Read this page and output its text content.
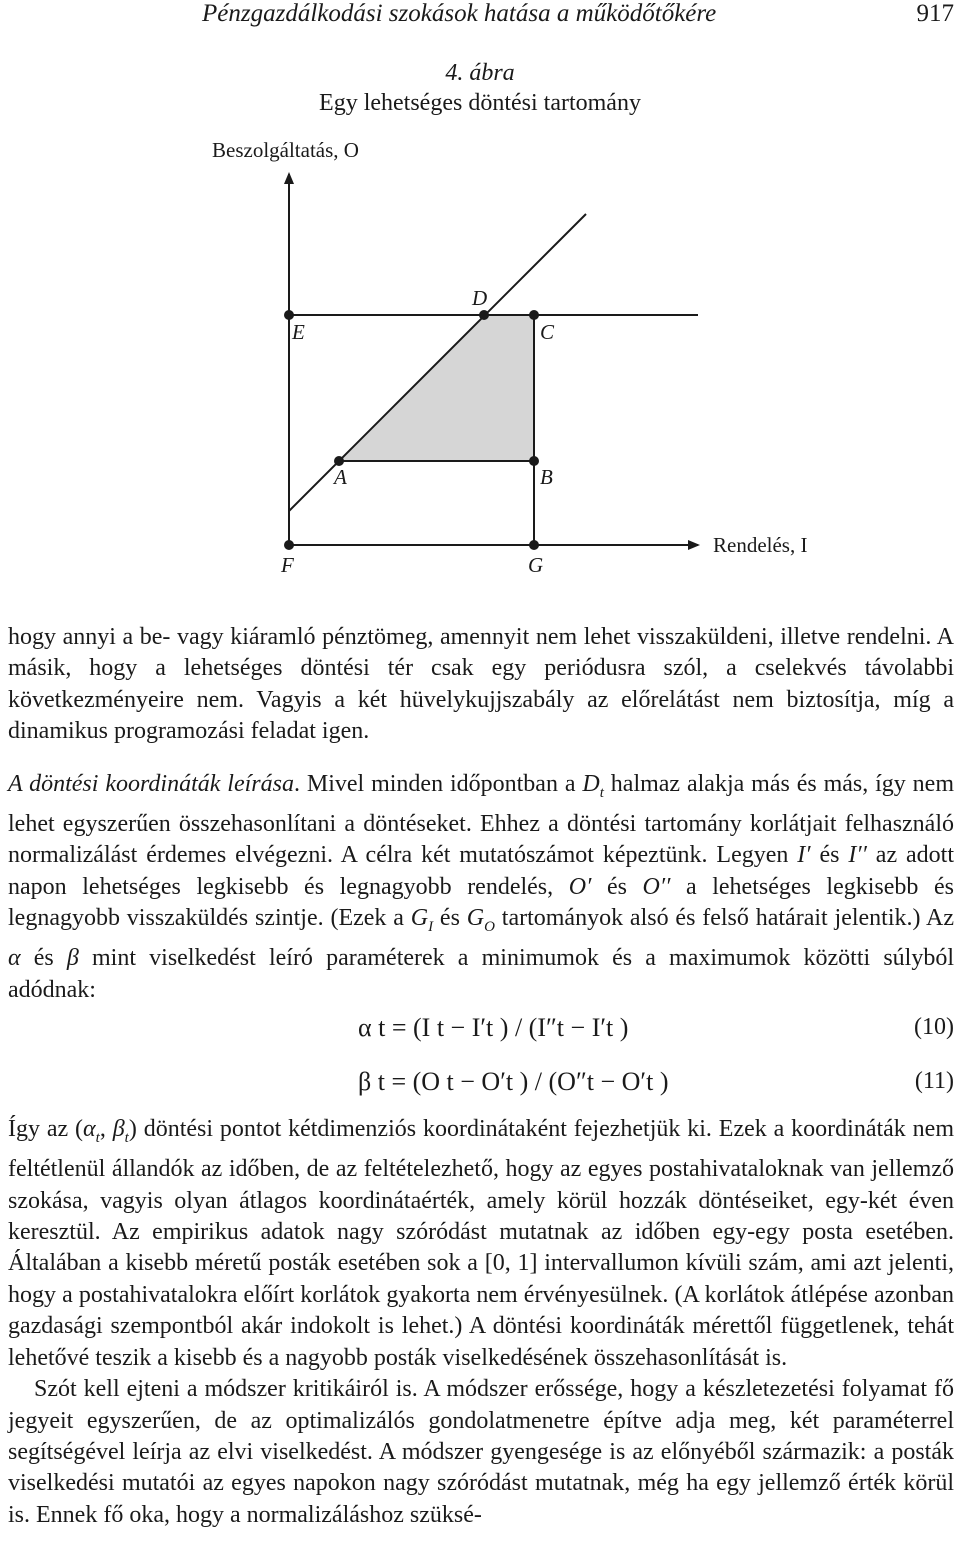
Pénzgazdálkodási szokások hatása a működőtőkére	917
4. ábra
Egy lehetséges döntési tartomány
Beszolgáltatás, O
A	B
C
D
E
F	G
Rendelés, I

hogy annyi a be- vagy kiáramló pénztömeg, amennyit nem lehet visszaküldeni, illetve rendelni. A másik, hogy a lehetséges döntési tér csak egy periódusra szól, a cselekvés távolabbi következményeire nem. Vagyis a két hüvelykujjszabály az előrelátást nem biztosítja, míg a dinamikus programozási feladat igen.

A döntési koordináták leírása. Mivel minden időpontban a $D_t$ halmaz alakja más és más, így nem lehet egyszerűen összehasonlítani a döntéseket. Ehhez a döntési tartomány korlátjait felhasználó normalizálást érdemes elvégezni. A célra két mutatószámot képeztünk. Legyen I′ és I′′ az adott napon lehetséges legkisebb és legnagyobb rendelés, O′ és O′′ a lehetséges legkisebb és legnagyobb visszaküldés szintje. (Ezek a $G_I$ és $G_O$ tartományok alsó és felső határait jelentik.) Az α és β mint viselkedést leíró paraméterek a minimumok és a maximumok közötti súlyból adódnak:

α t = (I t − I′t ) / (I″t − I′t )	(10)
β t = (O t − O′t ) / (O″t − O′t )	(11)

Így az ($\alpha_t$, $\beta_t$) döntési pontot kétdimenziós koordinátaként fejezhetjük ki. Ezek a koordináták nem feltétlenül állandók az időben, de az feltételezhető, hogy az egyes postahivataloknak van jellemző szokása, vagyis olyan átlagos koordinátaérték, amely körül hozzák döntéseiket, egy-két éven keresztül. Az empirikus adatok nagy szóródást mutatnak az időben egy-egy posta esetében. Általában a kisebb méretű posták esetében sok a [0, 1] intervallumon kívüli szám, ami azt jelenti, hogy a postahivatalokra előírt korlátok gyakorta nem érvényesülnek. (A korlátok átlépése azonban gazdasági szempontból akár indokolt is lehet.) A döntési koordináták mérettől függetlenek, tehát lehetővé teszik a kisebb és a nagyobb posták viselkedésének összehasonlítását is.

Szót kell ejteni a módszer kritikáiról is. A módszer erőssége, hogy a készletezetési folyamat fő jegyeit egyszerűen, de az optimalizálós gondolatmenetre építve adja meg, két paraméterrel segítségével leírja az elvi viselkedést. A módszer gyengesége is az előnyéből származik: a posták viselkedési mutatói az egyes napokon nagy szóródást mutatnak, még ha egy jellemző érték körül is. Ennek fő oka, hogy a normalizáláshoz szüksé-
